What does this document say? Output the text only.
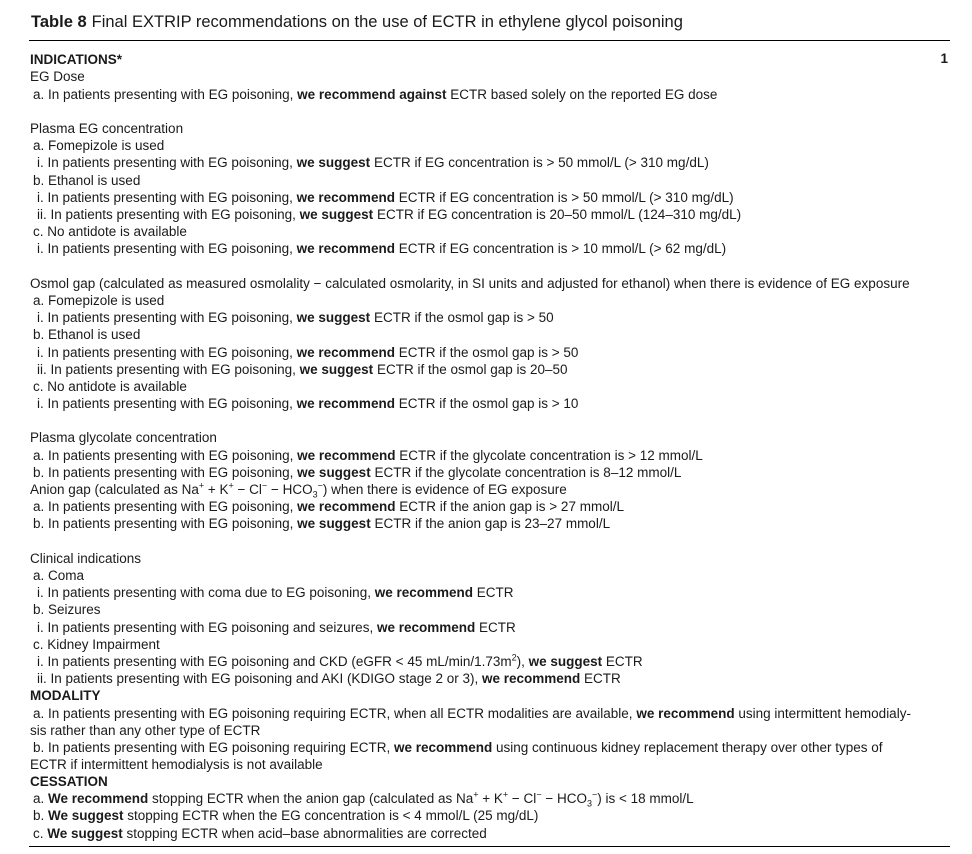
Table 8 Final EXTRIP recommendations on the use of ECTR in ethylene glycol poisoning
1
INDICATIONS*
EG Dose
a. In patients presenting with EG poisoning, we recommend against ECTR based solely on the reported EG dose
Plasma EG concentration
a. Fomepizole is used
i. In patients presenting with EG poisoning, we suggest ECTR if EG concentration is > 50 mmol/L (> 310 mg/dL)
b. Ethanol is used
i. In patients presenting with EG poisoning, we recommend ECTR if EG concentration is > 50 mmol/L (> 310 mg/dL)
ii. In patients presenting with EG poisoning, we suggest ECTR if EG concentration is 20–50 mmol/L (124–310 mg/dL)
c. No antidote is available
i. In patients presenting with EG poisoning, we recommend ECTR if EG concentration is > 10 mmol/L (> 62 mg/dL)
Osmol gap (calculated as measured osmolality − calculated osmolarity, in SI units and adjusted for ethanol) when there is evidence of EG exposure
a. Fomepizole is used
i. In patients presenting with EG poisoning, we suggest ECTR if the osmol gap is > 50
b. Ethanol is used
i. In patients presenting with EG poisoning, we recommend ECTR if the osmol gap is > 50
ii. In patients presenting with EG poisoning, we suggest ECTR if the osmol gap is 20–50
c. No antidote is available
i. In patients presenting with EG poisoning, we recommend ECTR if the osmol gap is > 10
Plasma glycolate concentration
a. In patients presenting with EG poisoning, we recommend ECTR if the glycolate concentration is > 12 mmol/L
b. In patients presenting with EG poisoning, we suggest ECTR if the glycolate concentration is 8–12 mmol/L
Anion gap (calculated as $Na^+ + K^+ - Cl^- - HCO_3^-$) when there is evidence of EG exposure
a. In patients presenting with EG poisoning, we recommend ECTR if the anion gap is > 27 mmol/L
b. In patients presenting with EG poisoning, we suggest ECTR if the anion gap is 23–27 mmol/L
Clinical indications
a. Coma
i. In patients presenting with coma due to EG poisoning, we recommend ECTR
b. Seizures
i. In patients presenting with EG poisoning and seizures, we recommend ECTR
c. Kidney Impairment
i. In patients presenting with EG poisoning and CKD (eGFR < 45 $mL/\min/1.73m^2$), we suggest ECTR
ii. In patients presenting with EG poisoning and AKI (KDIGO stage 2 or 3), we recommend ECTR
MODALITY
a. In patients presenting with EG poisoning requiring ECTR, when all ECTR modalities are available, we recommend using intermittent hemodialy-
sis rather than any other type of ECTR
b. In patients presenting with EG poisoning requiring ECTR, we recommend using continuous kidney replacement therapy over other types of
ECTR if intermittent hemodialysis is not available
CESSATION
a. We recommend stopping ECTR when the anion gap (calculated as $Na^+ + K^+ - Cl^- - HCO_3^-$) is < 18 mmol/L
b. We suggest stopping ECTR when the EG concentration is < 4 mmol/L (25 mg/dL)
c. We suggest stopping ECTR when acid–base abnormalities are corrected
